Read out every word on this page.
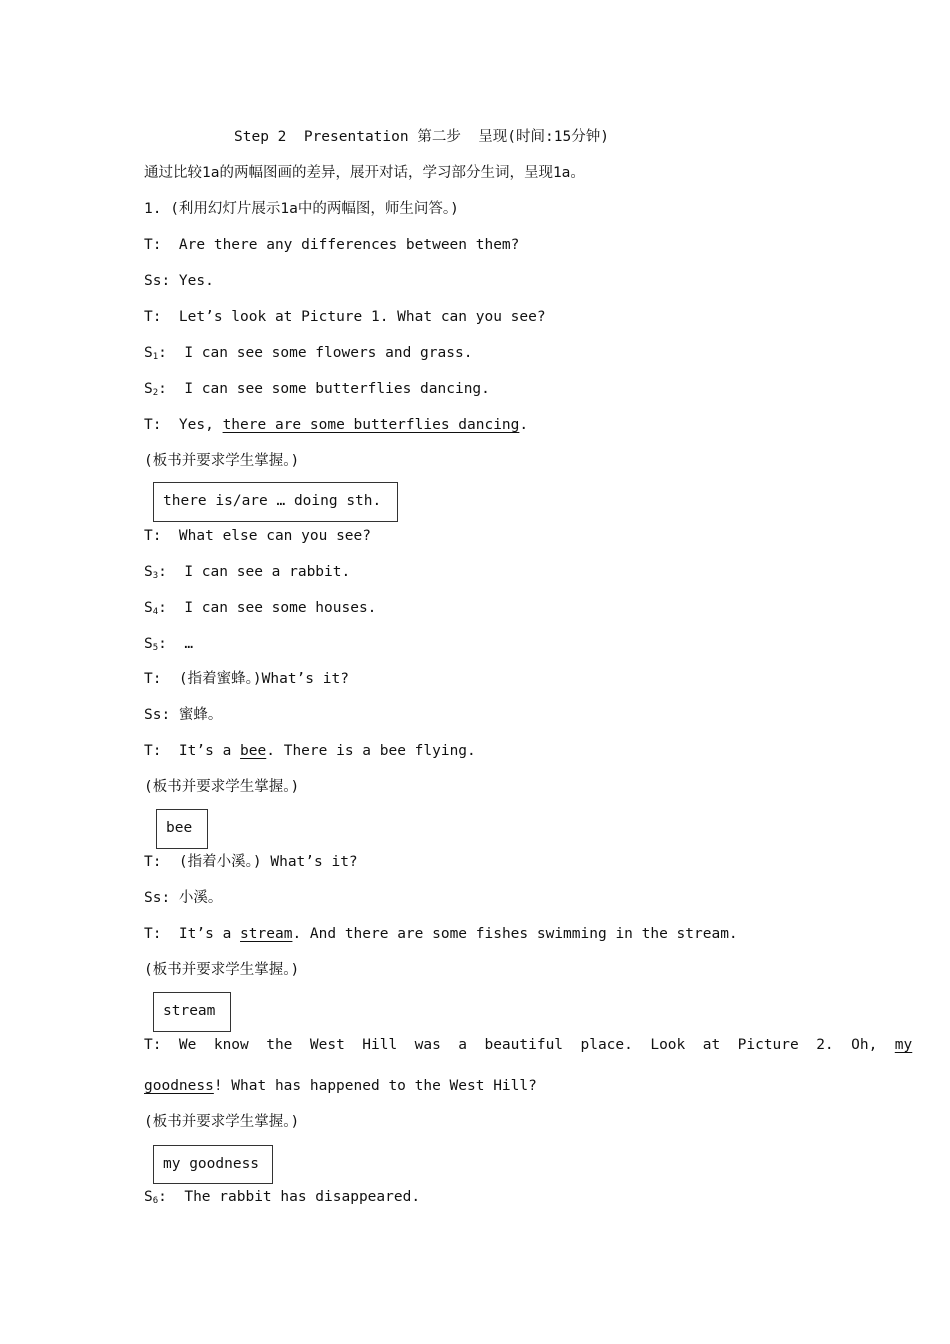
Step 2  Presentation 第二步  呈现(时间:15分钟)
通过比较1a的两幅图画的差异，展开对话，学习部分生词，呈现1a。
1. (利用幻灯片展示1a中的两幅图，师生问答。)
T:  Are there any differences between them?
Ss: Yes.
T:  Let’s look at Picture 1. What can you see?
$S_1$:  I can see some flowers and grass.
$S_2$:  I can see some butterflies dancing.
T:  Yes, there are some butterflies dancing.
(板书并要求学生掌握。)
there is/are … doing sth.
T:  What else can you see?
$S_3$:  I can see a rabbit.
$S_4$:  I can see some houses.
$S_5$:  …
T:  (指着蜜蜂。)What’s it?
Ss: 蜜蜂。
T:  It’s a bee. There is a bee flying.
(板书并要求学生掌握。)
bee
T:  (指着小溪。) What’s it?
Ss: 小溪。
T:  It’s a stream. And there are some fishes swimming in the stream.
(板书并要求学生掌握。)
stream
T:  We  know  the  West  Hill  was  a  beautiful  place.  Look  at  Picture  2.  Oh,  my
goodness! What has happened to the West Hill?
(板书并要求学生掌握。)
my goodness
$S_6$:  The rabbit has disappeared.
